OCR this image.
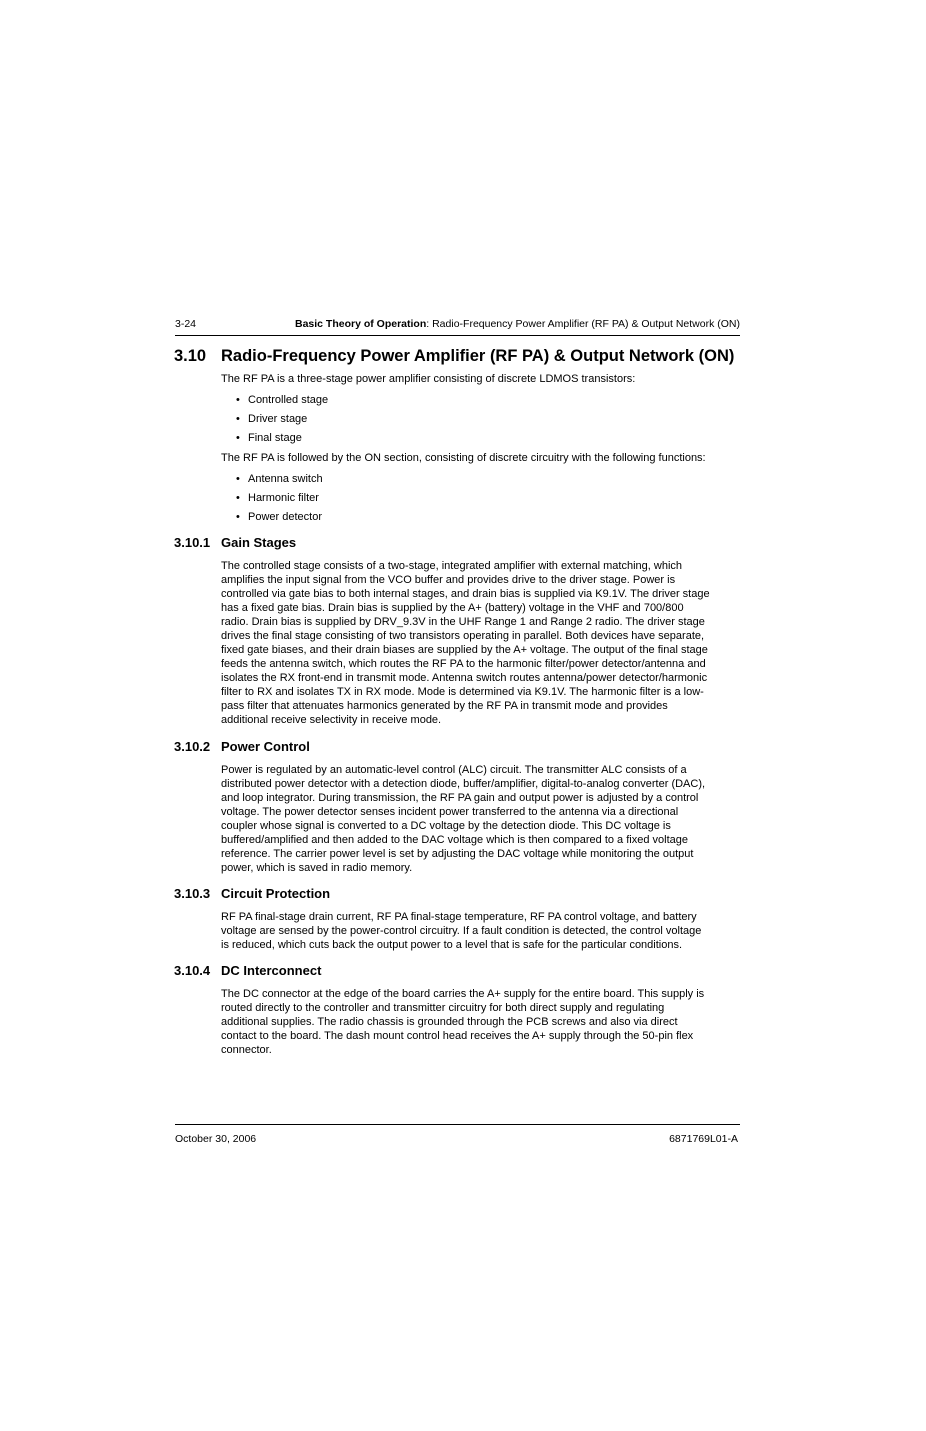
3-24	Basic Theory of Operation: Radio-Frequency Power Amplifier (RF PA) & Output Network (ON)
3.10 Radio-Frequency Power Amplifier (RF PA) & Output Network (ON)
The RF PA is a three-stage power amplifier consisting of discrete LDMOS transistors:
• Controlled stage
• Driver stage
• Final stage
The RF PA is followed by the ON section, consisting of discrete circuitry with the following functions:
• Antenna switch
• Harmonic filter
• Power detector
3.10.1 Gain Stages
The controlled stage consists of a two-stage, integrated amplifier with external matching, which
amplifies the input signal from the VCO buffer and provides drive to the driver stage. Power is
controlled via gate bias to both internal stages, and drain bias is supplied via K9.1V. The driver stage
has a fixed gate bias. Drain bias is supplied by the A+ (battery) voltage in the VHF and 700/800
radio. Drain bias is supplied by DRV_9.3V in the UHF Range 1 and Range 2 radio. The driver stage
drives the final stage consisting of two transistors operating in parallel. Both devices have separate,
fixed gate biases, and their drain biases are supplied by the A+ voltage. The output of the final stage
feeds the antenna switch, which routes the RF PA to the harmonic filter/power detector/antenna and
isolates the RX front-end in transmit mode. Antenna switch routes antenna/power detector/harmonic
filter to RX and isolates TX in RX mode. Mode is determined via K9.1V. The harmonic filter is a low-
pass filter that attenuates harmonics generated by the RF PA in transmit mode and provides
additional receive selectivity in receive mode.
3.10.2 Power Control
Power is regulated by an automatic-level control (ALC) circuit. The transmitter ALC consists of a
distributed power detector with a detection diode, buffer/amplifier, digital-to-analog converter (DAC),
and loop integrator. During transmission, the RF PA gain and output power is adjusted by a control
voltage. The power detector senses incident power transferred to the antenna via a directional
coupler whose signal is converted to a DC voltage by the detection diode. This DC voltage is
buffered/amplified and then added to the DAC voltage which is then compared to a fixed voltage
reference. The carrier power level is set by adjusting the DAC voltage while monitoring the output
power, which is saved in radio memory.
3.10.3 Circuit Protection
RF PA final-stage drain current, RF PA final-stage temperature, RF PA control voltage, and battery
voltage are sensed by the power-control circuitry. If a fault condition is detected, the control voltage
is reduced, which cuts back the output power to a level that is safe for the particular conditions.
3.10.4 DC Interconnect
The DC connector at the edge of the board carries the A+ supply for the entire board. This supply is
routed directly to the controller and transmitter circuitry for both direct supply and regulating
additional supplies. The radio chassis is grounded through the PCB screws and also via direct
contact to the board. The dash mount control head receives the A+ supply through the 50-pin flex
connector.
October 30, 2006	6871769L01-A
